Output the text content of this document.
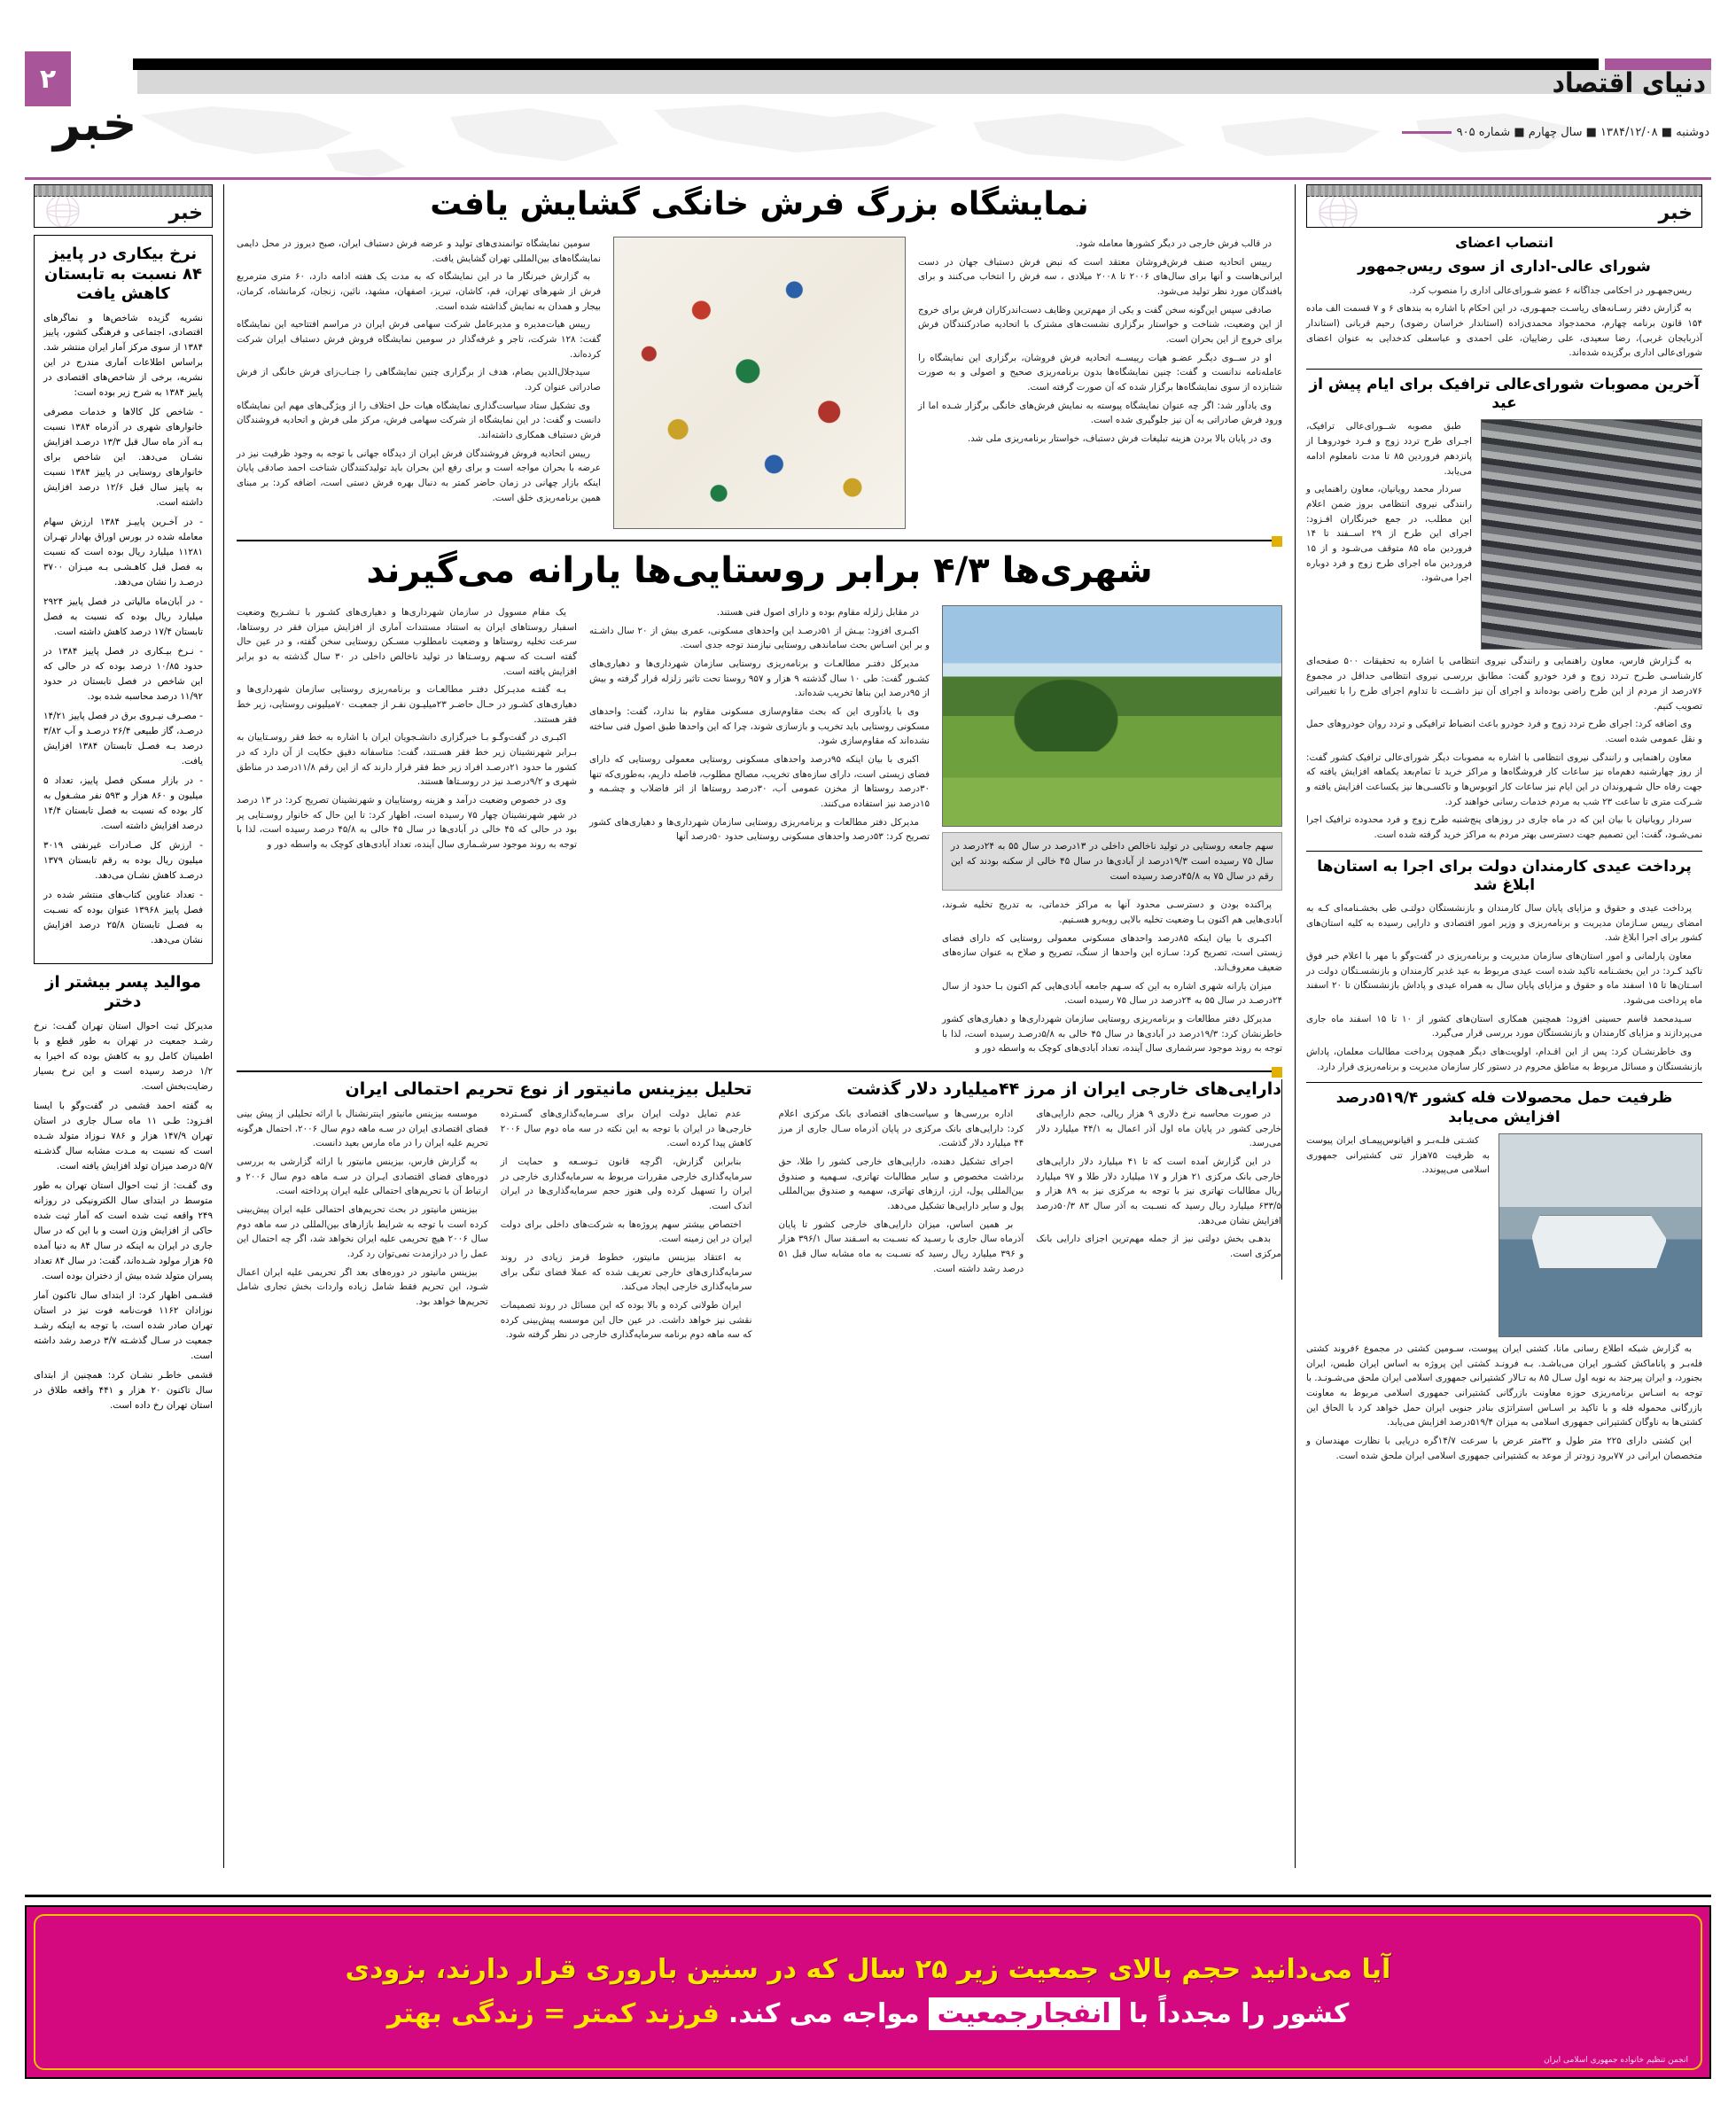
دنیای اقتصاد
۲
خبر	دوشنبه ■ ۱۳۸۴/۱۲/۰۸ ■ سال چهارم ■ شماره ۹۰۵
خبر
انتصاب اعضای
شورای عالی-اداری از سوی ریس‌جمهور

ریس‌جمهـور در احکامی جداگانه ۶ عضو شـورای‌عالی اداری را منصوب کرد.

به گزارش دفتر رسـانه‌های ریاسـت جمهـوری، در این احکام با اشاره به بندهای ۶ و ۷ قسمت الف ماده ۱۵۴ قانون برنامه چهارم، محمدجواد محمدی‌زاده (استاندار خراسان رضوی) رحیم قربانی (استاندار آذربایجان غربی)، رضا سعیدی، علی رضاییان، علی احمدی و عباسعلی کدخدایی به عنوان اعضای شورای‌عالی اداری برگزیده شده‌اند.

آخرین مصوبات شورای‌عالی ترافیک برای ایام پیش از عید

طبق مصوبه شــورای‌عالی ترافیک، اجـرای طرح تردد زوج و فـرد خودروهـا از پانزدهم فروردین ۸۵ تا مدت نامعلوم ادامه می‌یابد.

سردار محمد رویانیان، معاون راهنمایی و رانندگی نیروی انتظامی بروز ضمن اعلام این مطلب، در جمع خبرنگاران افـزود: اجرای این طرح از ۲۹ اســفند تا ۱۴ فروردین ماه ۸۵ متوقف می‌شـود و از ۱۵ فروردین ماه اجرای طرح زوج و فرد دوباره اجرا می‌شود.

به گـزارش فارس، معاون راهنمایی و رانندگی نیروی انتظامی با اشاره به تحقیقات ۵۰۰ صفحه‌ای کارشناسـی طـرح تـردد زوج و فرد خودرو گفت: مطابق بررسـی نیروی انتظامی حداقل در مجموع ۷۶درصد از مردم از این طرح راضی بوده‌اند و اجرای آن نیز داشــت تا تداوم اجرای طرح را با تغییراتی تصویب کنیم.

وی اضافه کرد: اجرای طرح تردد زوج و فرد خودرو باعث انضباط ترافیکی و تردد روان خودروهای حمل و نقل عمومی شده است.

معاون راهنمایی و رانندگی نیروی انتظامی با اشاره به مصوبات دیگر شورای‌عالی ترافیک کشور گفت: از روز چهارشنبه دهم‌ماه نیز ساعات کار فروشگاه‌ها و مراکز خرید تا تمام‌بعد یکماهه افزایش یافته که جهت رفاه حال شـهروندان در این ایام نیز ساعات کار اتوبوس‌ها و تاکسـی‌ها نیز یکساعت افزایش یافته و شـرکت متری تا ساعت ۲۳ شب به مردم خدمات رسانی خواهند کرد.

سردار رویانیان با بیان این که در ماه جاری در روزهای پنج‌شنبه طرح زوج و فرد محدوده ترافیک اجرا نمی‌شـود، گفت: این تصمیم جهت دسترسی بهتر مردم به مراکز خرید گرفته شده است.

پرداخت عیدی کارمندان دولت برای اجرا به استان‌ها ابلاغ شد

پرداخت عیدی و حقوق و مزایای پایان سال کارمندان و بازنشستگان دولتـی طی بخشـنامه‌ای کـه به امضای رییس سـازمان مدیریت و برنامه‌ریزی و وزیر امور اقتصادی و دارایی رسیده به کلیه استان‌های کشور برای اجرا ابلاغ شد.

معاون پارلمانی و امور استان‌های سازمان مدیریت و برنامه‌ریزی در گفت‌وگو با مهر با اعلام خبر فوق تاکید کـرد: در این بخشـنامه تاکید شده است عیدی مربوط به عید غدیر کارمندان و بازنشسـتگان دولت در اسـتان‌ها تا ۱۵ اسفند ماه و حقوق و مزایای پایان سال به همراه عیدی و پاداش بازنشستگان تا ۲۰ اسفند ماه پرداخت می‌شود.

سـیدمحمد قاسم حسینی افزود: همچنین همکاری استان‌های کشور از ۱۰ تا ۱۵ اسفند ماه جاری می‌پردازند و مزایای کارمندان و بازنشستگان مورد بررسی قرار می‌گیرد.

وی خاطرنشـان کرد: پس از این اقـدام، اولویت‌های دیگر همچون پرداخت مطالبات معلمان، پاداش بازنشستگان و مسائل مربوط به مناطق محروم در دستور کار سازمان مدیریت و برنامه‌ریزی قرار دارد.

ظرفیت حمل محصولات فله کشور ۵۱۹/۴درصد افزایش می‌یابد

کشـتی فلـه‌بـر و اقیانوس‌پیمـای ایران پیوست به ظرفیت ۷۵هزار تنی کشتیرانی جمهوری اسلامی می‌پیوندد.

به گزارش شبکه اطلاع رسانی مانا، کشتی ایران پیوست، سـومین کشتی در مجموع ۶فروند کشتی فله‌بـر و پاناماکش کشـور ایران می‌باشـد. بـه فرونـد کشتی این پروژه به اساس ایران طبس، ایران بجنورد، و ایران پیرجند به نوبه اول سـال ۸۵ به تـالار کشتیرانی جمهوری اسلامی ایران ملحق می‌شـونـد. با توجه به اسـاس برنامه‌ریزی حوزه معاونت بازرگانی کشتیرانی جمهوری اسلامی مربوط به معاونت بازرگانی محموله فله و با تاکید بر اسـاس استراتژی بنادر جنوبی ایران حمل خواهد کرد با الحاق این کشتی‌ها به ناوگان کشتیرانی جمهوری اسلامی به میزان ۵۱۹/۴درصد افزایش می‌یابد.

این کشتی دارای ۲۲۵ متر طول و ۳۲متر عرض با سرعت ۱۴/۷گره دریایی با نظارت مهندسان و متخصصان ایرانی در ۷۷برود زودتر از موعد به کشتیرانی جمهوری اسلامی ایران ملحق شده است.

نمایشگاه بزرگ فرش خانگی گشایش یافت

در قالب فرش خارجی در دیگر کشورها معامله شود.

رییس اتحادیه صنف فرش‌فروشان معتقد است که نبض فرش دستباف جهان در دست ایرانی‌هاست و آنها برای سال‌های ۲۰۰۶ تا ۲۰۰۸ میلادی ، سه فرش را انتخاب می‌کنند و برای بافندگان مورد نظر تولید می‌شود.

صادقی سپس این‌گونه سخن گفت و یکی از مهم‌ترین وظایف دست‌اندرکاران فرش برای خروج از این وضعیت، شناخت و خواستار برگزاری نشست‌های مشترک با اتحادیه صادرکنندگان فرش برای خروج از این بحران است.

او در ســوی دیگـر عضـو هیات رییســه اتحادیه فرش فروشان، برگزاری این نمایشگاه را عامله‌نامه ندانست و گفت: چنین نمایشگاه‌ها بدون برنامه‌ریزی صحیح و اصولی و به صورت شتابزده از سوی نمایشگاه‌ها برگزار شده که آن صورت گرفته است.

وی یادآور شد: اگر چه عنوان نمایشگاه پیوسته به نمایش فرش‌های خانگی برگزار شـده اما از ورود فرش صادراتی به آن نیز جلوگیری شده است.

وی در پایان بالا بردن هزینه تبلیغات فرش دستباف، خواستار برنامه‌ریزی ملی شد.

سومین نمایشگاه توانمندی‌های تولید و عرضه فرش دستباف ایران، صبح دیروز در محل دایمی نمایشگاه‌های بین‌المللی تهران گشایش یافت.

به گزارش خبرنگار ما در این نمایشگاه که به مدت یک هفته ادامه دارد، ۶۰ متری مترمربع فرش از شهرهای تهران، قم، کاشان، تبریز، اصفهان، مشهد، نائین، زنجان، کرمانشاه، کرمان، بیجار و همدان به نمایش گذاشته شده است.

رییس هیات‌مدیره و مدیرعامل شرکت سهامی فرش ایران در مراسم افتتاحیه این نمایشگاه گفت: ۱۲۸ شرکت، تاجر و غرفه‌گذار در سومین نمایشگاه فروش فرش دستباف ایران شرکت کرده‌اند.

سیدجلال‌الدین بصام، هدف از برگزاری چنین نمایشگاهی را جنـاب‌زای فرش خانگی از فرش صادراتی عنوان کرد.

وی تشکیل ستاد سیاست‌گذاری نمایشگاه هیات حل اختلاف را از ویژگی‌های مهم این نمایشگاه دانست و گفت: در این نمایشگاه از شرکت سهامی فرش، مرکز ملی فرش و اتحادیه فروشندگان فرش دستباف همکاری داشته‌اند.

رییس اتحادیه فروش فروشندگان فرش ایران از دیدگاه جهانی با توجه به وجود ظرفیت نیز در عرضه با بحران مواجه است و برای رفع این بحران باید تولیدکنندگان شناخت احمد صادقی پایان اینکه بازار چهانی در زمان حاضر کمتر به دنبال بهره فرش دستی است، اضافه کرد: بر مبنای همین برنامه‌ریزی خلق است.

شهری‌ها ۴/۳ برابر روستایی‌ها یارانه می‌گیرند
سهم جامعه روستایی در تولید ناخالص داخلی در ۱۳درصد در سال ۵۵ به ۲۴درصد در سال ۷۵ رسیده است ۱۹/۳درصد از آبادی‌ها در سال ۴۵ خالی از سکنه بودند که این رقم در سال ۷۵ به ۴۵/۸درصد رسیده است

پراکنده بودن و دسترسـی محدود آنها به مراکز خدماتی، به تدریج تخلیه شـوند، آبادی‌هایی هم اکنون بـا وضعیت تخلیه بالایی روبه‌رو هسـتیم.

اکبـری با بیان اینکه ۸۵درصد واحدهای مسکونی معمولی روستایی که دارای فضای زیستی است، تصریح کرد: سـازه این واحدها از سنگ، تصریح و صلاح به عنوان سازه‌های ضعیف معروف‌اند.

میزان یارانه شهری اشاره به این که سـهم جامعه آبادی‌هایی کم اکنون بـا حدود از سال ۲۴درصـد در سال ۵۵ به ۲۴درصد در سال ۷۵ رسیده است.

مدیرکل دفتر مطالعات و برنامه‌ریزی روستایی سازمان شهرداری‌ها و دهیاری‌های کشور خاطرنشان کرد: ۱۹/۳درصد در آبادی‌ها در سال ۴۵ خالی به ۵/۸درصـد رسیده است، لذا با توجه به روند موجود سرشماری سال آینده، تعداد آبادی‌های کوچک به واسطه دور و

در مقابل زلزله مقاوم بوده و دارای اصول فنی هستند.

اکبـری افزود: بیـش از ۵۱درصـد این واحدهای مسکونی، عمری بیش از ۲۰ سال داشـته و بر این اسـاس بحث ساماندهی روستایی نیازمند توجه جدی است.

مدیرکل دفتـر مطالعـات و برنامه‌ریزی روستایی سازمان شهرداری‌ها و دهیاری‌های کشـور گفت: طی ۱۰ سال گذشته ۹ هزار و ۹۵۷ روستا تحت تاثیر زلزله قرار گرفته و بیش از ۹۵درصد این بناها تخریب شده‌اند.

وی با یادآوری این که بحث مقاوم‌سازی مسکونی مقاوم بنا ندارد، گفت: واحدهای مسکونی روستایی باید تخریب و بازسازی شوند، چرا که این واحدها طبق اصول فنی ساخته نشده‌اند که مقاوم‌سازی شود.

اکبری با بیان اینکه ۹۵درصد واحدهای مسکونی روستایی معمولی روستایی که دارای فضای زیستی است، دارای سازه‌های تخریب، مصالح مطلوب، فاصله داریم، به‌طوری‌که تنها ۳۰درصد روستاها از مخزن عمومی آب، ۳۰درصد روستاها از اثر فاضلاب و چشـمه و ۱۵درصد نیز استفاده می‌کنند.

مدیرکل دفتر مطالعات و برنامه‌ریزی روستایی سازمان شهرداری‌ها و دهیاری‌های کشور تصریح کرد: ۵۳درصد واحدهای مسکونی روستایی حدود ۵۰درصد آنها

یک مقام مسوول در سازمان شهرداری‌ها و دهیاری‌های کشـور با تـشـریح وضعیت اسفبار روستاهای ایران به استناد مستندات آماری از افزایش میزان فقر در روستاها، سرعت تخلیه روستاها و وضعیت نامطلوب مسـکن روستایی سخن گفته، و در عین حال گفته اسـت که سـهم روسـتاها در تولید ناخالص داخلی در ۳۰ سال گذشته به دو برابر افزایش یافته است.

بـه گفتـه مدیـرکل دفتـر مطالعـات و برنامه‌ریزی روستایی سازمان شهرداری‌ها و دهیاری‌های کشـور در حـال حاضـر ۲۳میلیـون نفـر از جمعیـت ۷۰میلیونی روستایی، زیر خط فقر هستند.

اکبـری در گفت‌وگـو بـا خبرگزاری دانشـجویان ایران با اشاره به خط فقر روسـتاییان به بـرابر شهرنشینان زیر خط فقر هسـتند، گفت: متاسفانه دقیق حکایت از آن دارد که در کشور ما حدود ۲۱درصـد افراد زیر خط فقر قرار دارند که از این رقم ۱۱/۸درصد در مناطق شهری و ۹/۲درصـد نیز در روسـتاها هستند.

وی در خصوص وضعیت درآمد و هزینه روستاییان و شهرنشینان تصریح کرد: در ۱۳ درصد در شهر شهرنشینان چهار ۷۵ رسیده است، اظهار کرد: تا این حال که خانوار روسـتایی پر بود در حالی که ۴۵ خالی در آبادی‌ها در سال ۴۵ خالی به ۴۵/۸ درصد رسیده است، لذا با توجه به روند موجود سرشـماری سال آینده، تعداد آبادی‌های کوچک به واسطه دور و

دارایی‌های خارجی ایران از مرز ۴۴میلیارد دلار گذشت

در صورت محاسبه نرخ دلاری ۹ هزار ریالی، حجم دارایی‌های خارجی کشور در پایان ماه اول آذر اعمال به ۴۴/۱ میلیارد دلار می‌رسد.

در این گزارش آمده است که تا ۴۱ میلیارد دلار دارایی‌های خارجی بانک مرکزی ۲۱ هزار و ۱۷ میلیارد دلار طلا و ۹۷ میلیارد ریال مطالبات تهاتری نیز با توجه به مرکزی نیز به ۸۹ هزار و ۶۳۳/۵ میلیارد ریال رسید که نسـبت به آذر سال ۸۳ ۵۰/۳درصد افزایش نشان می‌دهد.

بدهـی بخش دولتی نیز از جمله مهم‌ترین اجزای دارایی بانک مرکزی است.

اداره بررسی‌ها و سیاست‌های اقتصادی بانک مرکزی اعلام کرد: دارایی‌های بانک مرکزی در پایان آذرماه سـال جاری از مرز ۴۴ میلیارد دلار گذشت.

اجرای تشکیل دهنده، دارایی‌های خارجی کشور را طلا، حق برداشت مخصوص و سایر مطالبات تهاتری، سـهمیه و صندوق بین‌المللی پول، ارز، ارزهای تهاتری، سهمیه و صندوق بین‌المللی پول و سایر دارایی‌ها تشکیل می‌دهد.

بر همین اساس، میزان دارایی‌های خارجی کشور تا پایان آذرماه سال جاری با رسـید که نسـبت به اسـفند سال ۳۹۶/۱ هزار و ۳۹۶ میلیارد ریال رسید که نسـبت به ماه مشابه سال قبل ۵۱ درصد رشد داشته است.

تحلیل بیزینس مانیتور از نوع تحریم احتمالی ایران

عدم تمایل دولت ایران برای سـرمایه‌گذاری‌های گسـترده خارجی‌ها در ایران با توجه به این نکته در سه ماه دوم سال ۲۰۰۶ کاهش پیدا کرده است.

بنابراین گزارش، اگرچه قانون تـوسـعه و حمایت از سرمایه‌گذاری خارجی مقررات مربوط به سرمایه‌گذاری خارجی در ایران را تسهیل کرده ولی هنوز حجم سرمایه‌گذاری‌ها در ایران اندک است.

اختصاص بیشتر سهم پروژه‌ها به شرکت‌های داخلی برای دولت ایران در این زمینه است.

به اعتقاد بیزینس مانیتور، خطوط قرمز زیادی در روند سرمایه‌گذاری‌های خارجی تعریف شده که عملا فضای تنگی برای سرمایه‌گذاری خارجی ایجاد می‌کند.

ایران طولانی کرده و بالا بوده که این مسائل در روند تصمیمات نقشی نیز خواهد داشت. در عین حال این موسسه پیش‌بینی کرده که سه ماهه دوم برنامه سرمایه‌گذاری خارجی در نظر گرفته شود.

موسسه بیزینس مانیتور اینترنشنال با ارائه تحلیلی از پیش بینی فضای اقتصادی ایران در سـه ماهه دوم سال ۲۰۰۶، احتمال هرگونه تحریم علیه ایران را در ماه مارس بعید دانست.

به گزارش فارس، بیزینس مانیتور با ارائه گزارشی به بررسی دوره‌های فضای اقتصادی ایـران در سـه ماهه دوم سال ۲۰۰۶ و ارتباط آن با تحریم‌های احتمالی علیه ایران پرداخته است.

بیزینس مانیتور در بحث تحریم‌های احتمالی علیه ایران پیش‌بینی کرده است با توجه به شرایط بازارهای بین‌المللی در سه ماهه دوم سال ۲۰۰۶ هیچ تحریمی علیه ایران نخواهد شد، اگر چه احتمال این عمل را در درازمدت نمی‌توان رد کرد.

بیزینس مانیتور در دوره‌های بعد اگر تحریمی علیه ایران اعمال شـود، این تحریم فقط شامل زیاده واردات بخش تجاری شامل تحریم‌ها خواهد بود.

خبر
نرخ بیکاری در پاییز ۸۴ نسبت به تابستان کاهش یافت

نشریه گزیده شاخص‌ها و نماگرهای اقتصادی، اجتماعی و فرهنگی کشور، پاییز ۱۳۸۴ از سوی مرکز آمار ایران منتشر شد. براساس اطلاعات آماری مندرج در این نشریه، برخی از شاخص‌های اقتصادی در پاییز ۱۳۸۴ به شرح زیر بوده است:

- شاخص کل کالاها و خدمات مصرفی خانوارهای شهری در آذرماه ۱۳۸۴ نسبت بـه آذر ماه سال قبل ۱۳/۳ درصـد افزایش نشـان می‌دهد. این شاخص برای خانوارهای روستایی در پاییز ۱۳۸۴ نسبت به پاییز سال قبل ۱۲/۶ درصد افزایش داشته است.

- در آخـرین پاییـز ۱۳۸۴ ارزش سهام معامله شده در بورس اوراق بهادار تهـران ۱۱۲۸۱ میلیارد ریال بوده است که نسبت به فصل قبل کاهـشـی بـه میـزان ۳۷۰۰ درصـد را نشان می‌دهد.

- در آبان‌ماه مالیاتی در فصل پاییز ۲۹۲۴ میلیارد ریال بوده که نسبت به فصل تابستان ۱۷/۴ درصد کاهش داشته است.

- نـرخ بیـکاری در فصل پاییز ۱۳۸۴ در حدود ۱۰/۸۵ درصد بوده که در حالی که این شاخص در فصل تابستان در حدود ۱۱/۹۲ درصد محاسبه شده بود.

- مصـرف نیـروی برق در فصل پاییز ۱۴/۲۱ درصـد، گاز طبیعی ۲۶/۴ درصـد و آب ۳/۸۲ درصد بـه فصـل تابستان ۱۳۸۴ افزایش یافت.

- در بازار مسکن فصل پاییز، تعداد ۵ میلیون و ۸۶۰ هزار و ۵۹۳ نفر مشـغول به کار بوده که نسبت به فصل تابستان ۱۴/۴ درصد افزایش داشته است.

- ارزش کل صـادرات غیرنفتی ۳۰۱۹ میلیون ریال بوده به رقم تابستان ۱۳۷۹ درصـد کاهش نشـان می‌دهد.

- تعداد عناوین کتاب‌های منتشر شده در فصل پاییز ۱۳۹۶۸ عنوان بوده که نسـبت به فصـل تابستان ۲۵/۸ درصد افزایش نشان می‌دهد.

موالید پسر بیشتر از دختر

مدیرکل ثبت احوال استان تهران گفـت: نرخ رشـد جمعیت در تهران به طور قطع و با اطمینان کامل رو به کاهش بوده که اخیرا به ۱/۲ درصد رسیده است و این نرخ بسیار رضایت‌بخش است.

به گفته احمد قشمی در گفت‌وگو با ایسنا افـزود: طـی ۱۱ ماه سـال جاری در استان تهران ۱۴۷/۹ هزار و ۷۸۶ نـوزاد متولد شـده است که نسبت به مـدت مشابه سال گذشـته ۵/۷ درصد میزان تولد افزایش یافته است.

وی گفـت: از ثبت احوال استان تهران به طور متوسط در ابتدای سال الکترونیکی در روزانه ۲۴۹ واقعه ثبت شده است که آمار ثبت شده حاکی از افزایش وزن است و با این که در سال جاری در ایران به اینکه در سال ۸۴ به دنیا آمده ۶۵ هزار مولود شـده‌اند، گفت: در سال ۸۴ تعداد پسران متولد شده بیش از دختران بوده است.

قشـمی اظهار کرد: از ابتدای سال تاکنون آمار نوزادان ۱۱۶۲ فوت‌نامه فوت نیز در استان تهران صادر شده است، با توجه به اینکه رشـد جمعیت در سـال گذشـته ۳/۷ درصد رشد داشته است.

قشمی خاطـر نشـان کرد: همچنین از ابتدای سال تاکنون ۲۰ هزار و ۴۴۱ واقعه طلاق در استان تهران رخ داده است.

آیا می‌دانید حجم بالای جمعیت زیر ۲۵ سال که در سنین باروری قرار دارند، بزودی
کشور را مجدداً با
انفجارجمعیت
مواجه می کند.
فرزند کمتر = زندگی بهتر
انجمن تنظیم خانواده جمهوری اسلامی ایران
